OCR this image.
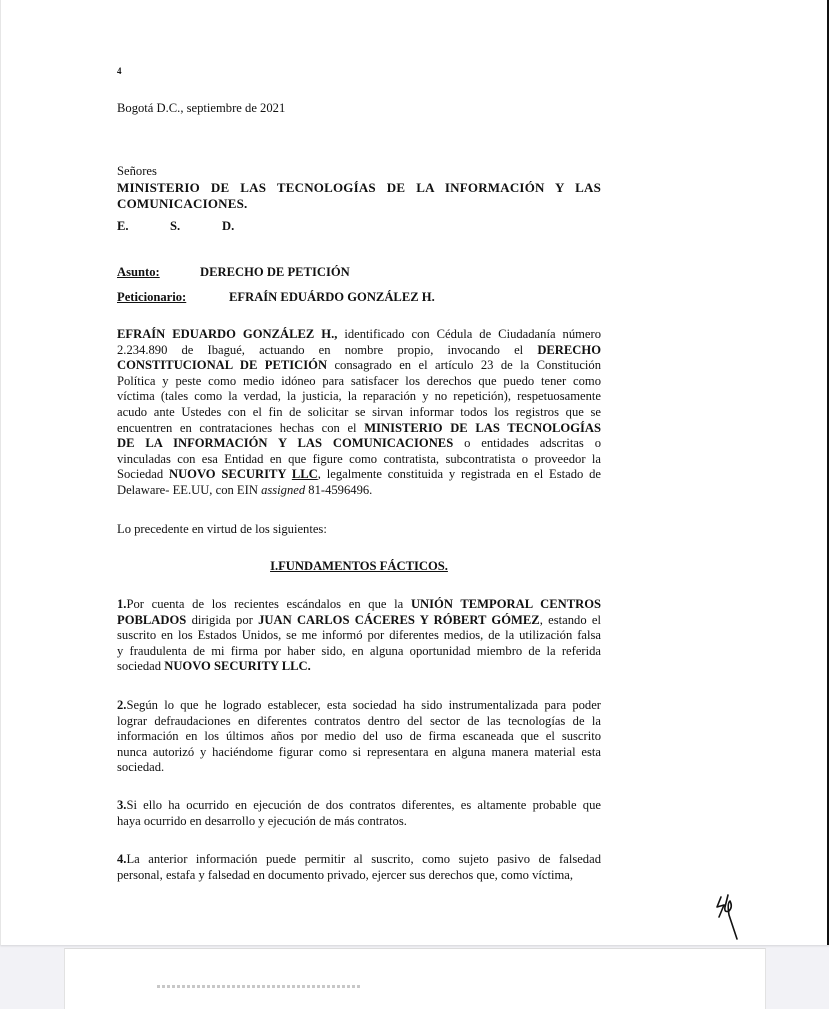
4
Bogotá D.C., septiembre de 2021
Señores
MINISTERIO DE LAS TECNOLOGÍAS DE LA INFORMACIÓN Y LAS
COMUNICACIONES.
E.	S.	D.
Asunto:	DERECHO DE PETICIÓN
Peticionario:	EFRAÍN EDUÁRDO GONZÁLEZ H.
EFRAÍN EDUARDO GONZÁLEZ H., identificado con Cédula de Ciudadanía número
2.234.890 de Ibagué, actuando en nombre propio, invocando el DERECHO
CONSTITUCIONAL DE PETICIÓN consagrado en el artículo 23 de la Constitución
Política y peste como medio idóneo para satisfacer los derechos que puedo tener como
víctima (tales como la verdad, la justicia, la reparación y no repetición), respetuosamente
acudo ante Ustedes con el fin de solicitar se sirvan informar todos los registros que se
encuentren en contrataciones hechas con el MINISTERIO DE LAS TECNOLOGÍAS
DE LA INFORMACIÓN Y LAS COMUNICACIONES o entidades adscritas o
vinculadas con esa Entidad en que figure como contratista, subcontratista o proveedor la
Sociedad NUOVO SECURITY LLC, legalmente constituida y registrada en el Estado de
Delaware- EE.UU, con EIN assigned 81-4596496.
Lo precedente en virtud de los siguientes:
I.FUNDAMENTOS FÁCTICOS.
1.Por cuenta de los recientes escándalos en que la UNIÓN TEMPORAL CENTROS
POBLADOS dirigida por JUAN CARLOS CÁCERES Y RÓBERT GÓMEZ, estando el
suscrito en los Estados Unidos, se me informó por diferentes medios, de la utilización falsa
y fraudulenta de mi firma por haber sido, en alguna oportunidad miembro de la referida
sociedad NUOVO SECURITY LLC.
2.Según lo que he logrado establecer, esta sociedad ha sido instrumentalizada para poder
lograr defraudaciones en diferentes contratos dentro del sector de las tecnologías de la
información en los últimos años por medio del uso de firma escaneada que el suscrito
nunca autorizó y haciéndome figurar como si representara en alguna manera material esta
sociedad.
3.Si ello ha ocurrido en ejecución de dos contratos diferentes, es altamente probable que
haya ocurrido en desarrollo y ejecución de más contratos.
4.La anterior información puede permitir al suscrito, como sujeto pasivo de falsedad
personal, estafa y falsedad en documento privado, ejercer sus derechos que, como víctima,
